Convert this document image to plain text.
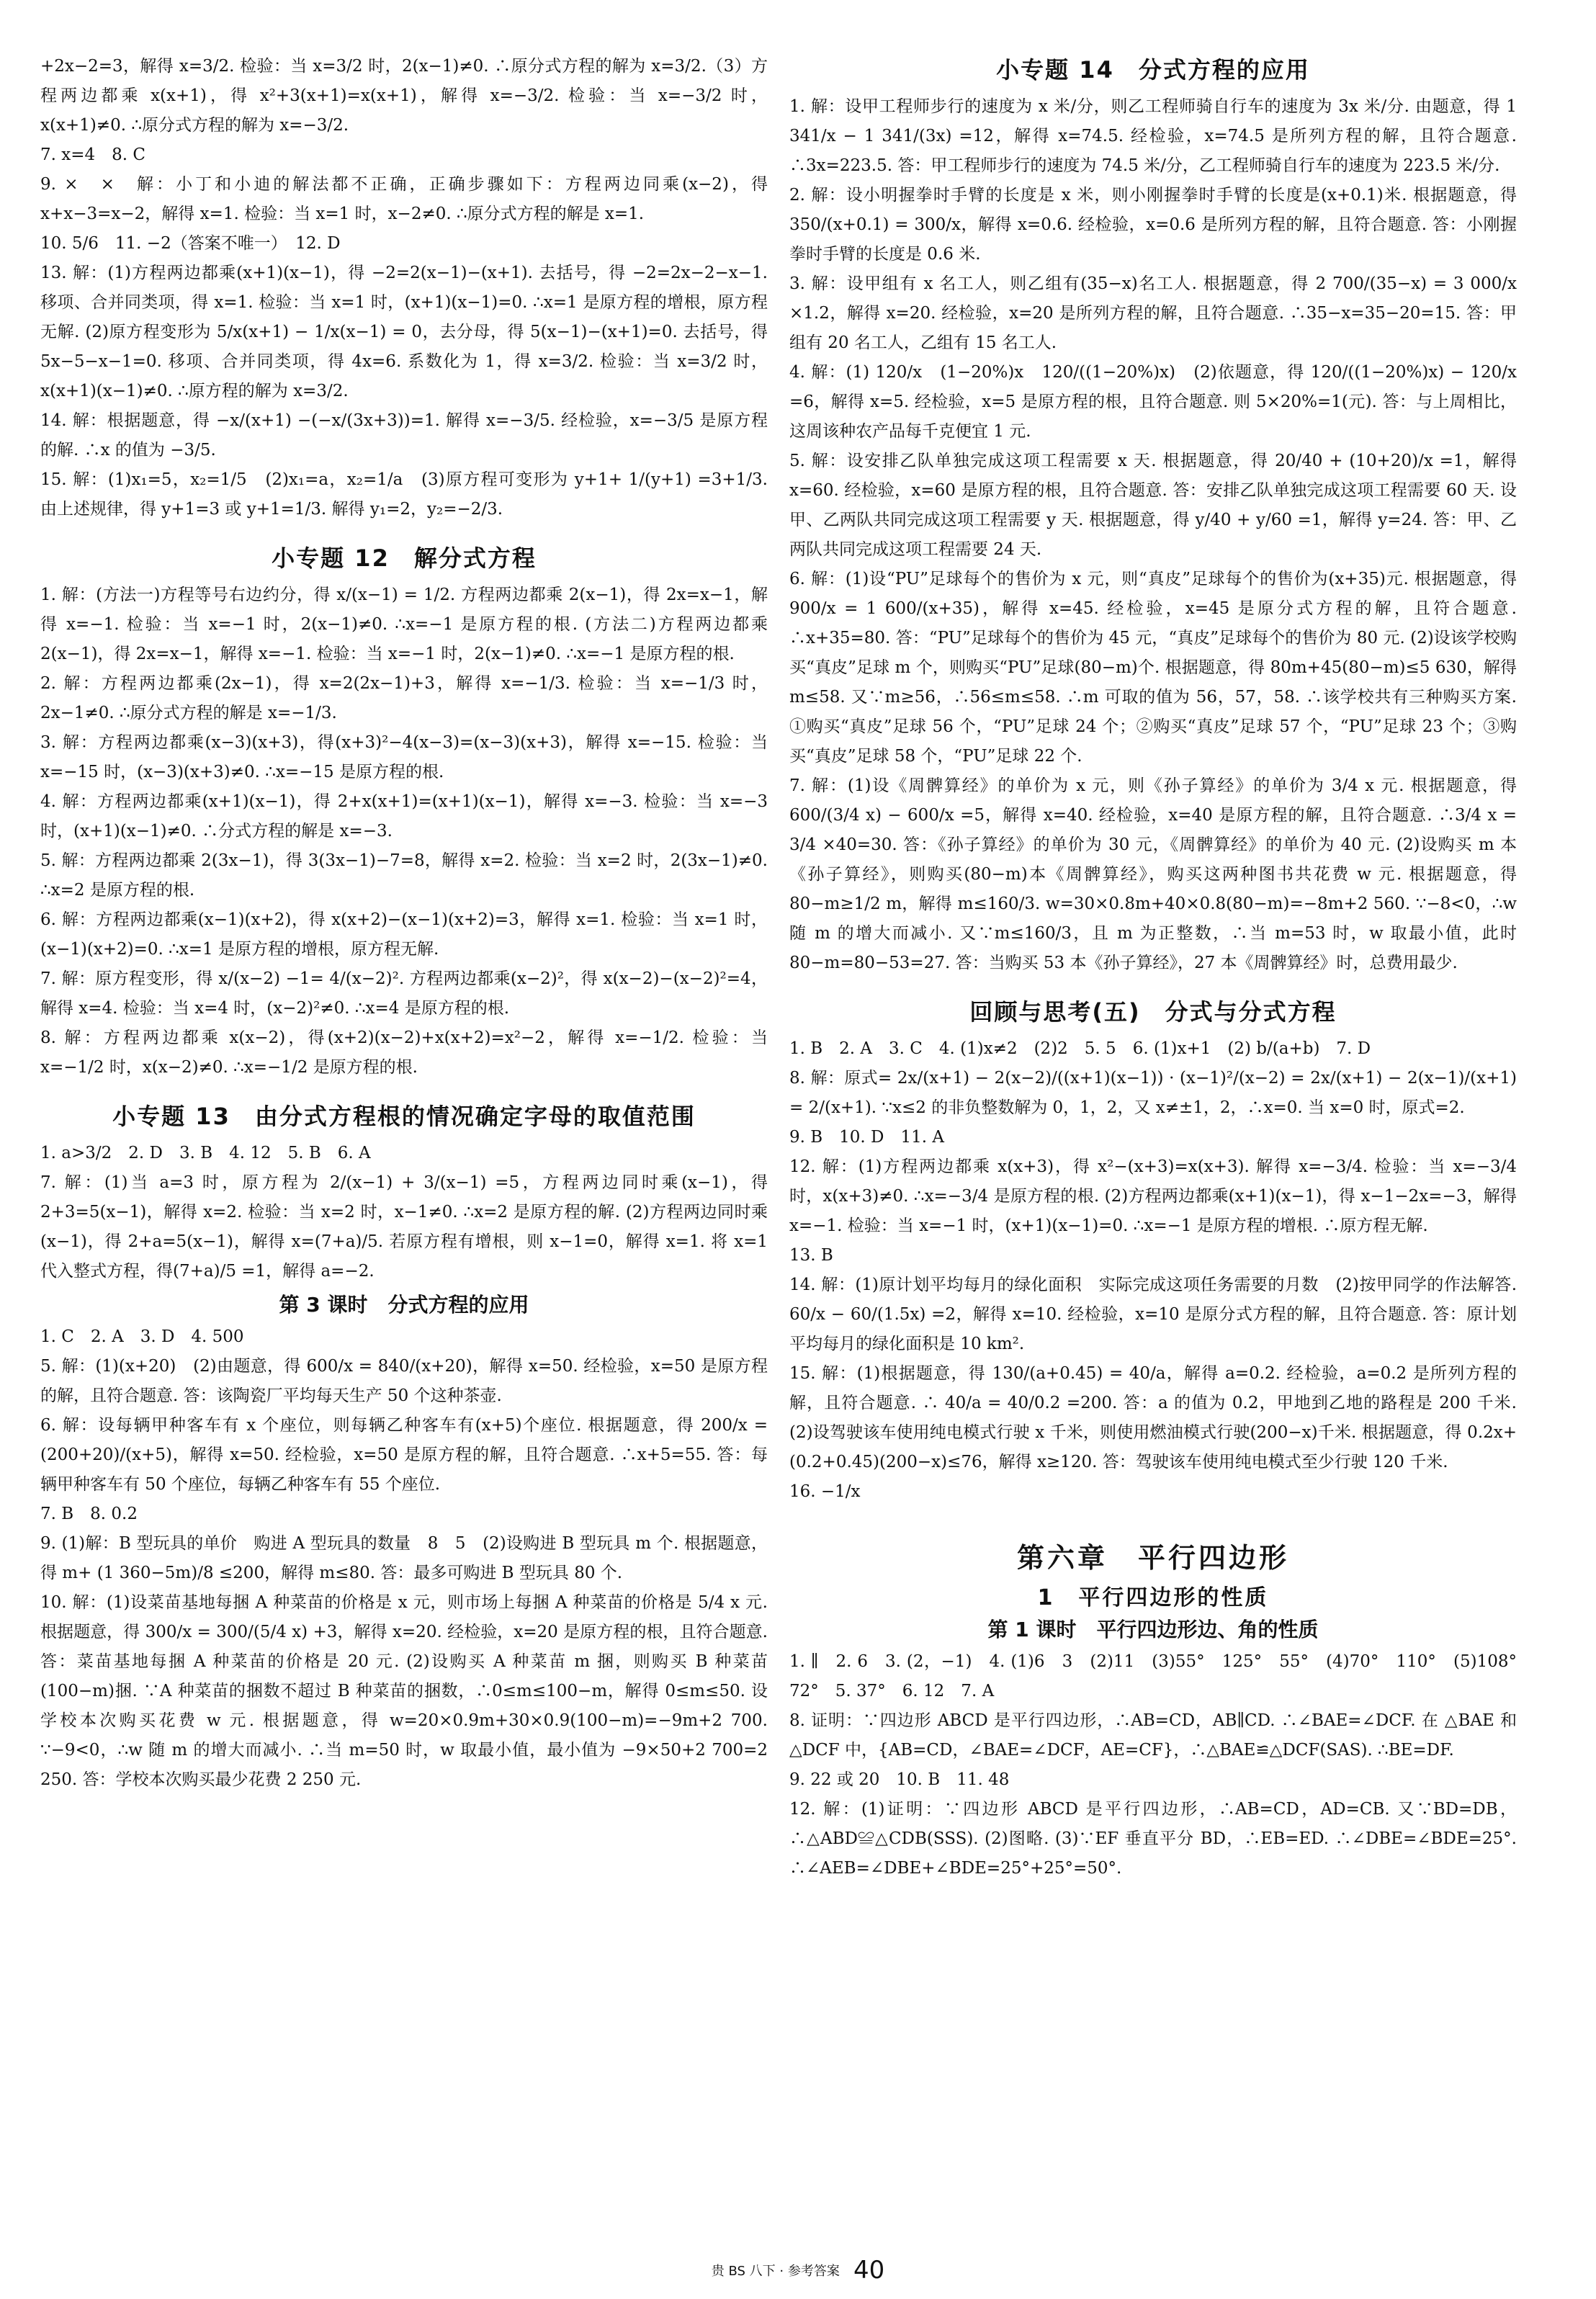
+2x−2=3，解得 x=3/2. 检验：当 x=3/2 时，2(x−1)≠0. ∴原分式方程的解为 x=3/2.（3）方程两边都乘 x(x+1)，得 x²+3(x+1)=x(x+1)，解得 x=−3/2. 检验：当 x=−3/2 时，x(x+1)≠0. ∴原分式方程的解为 x=−3/2.

7. x=4　8. C

9. ×　×　解：小丁和小迪的解法都不正确，正确步骤如下：方程两边同乘(x−2)，得 x+x−3=x−2，解得 x=1. 检验：当 x=1 时，x−2≠0. ∴原分式方程的解是 x=1.

10. 5/6　11. −2（答案不唯一）　12. D

13. 解：(1)方程两边都乘(x+1)(x−1)，得 −2=2(x−1)−(x+1). 去括号，得 −2=2x−2−x−1. 移项、合并同类项，得 x=1. 检验：当 x=1 时，(x+1)(x−1)=0. ∴x=1 是原方程的增根，原方程无解. (2)原方程变形为 5/x(x+1) − 1/x(x−1) = 0，去分母，得 5(x−1)−(x+1)=0. 去括号，得 5x−5−x−1=0. 移项、合并同类项，得 4x=6. 系数化为 1，得 x=3/2. 检验：当 x=3/2 时，x(x+1)(x−1)≠0. ∴原方程的解为 x=3/2.

14. 解：根据题意，得 −x/(x+1) −(−x/(3x+3))=1. 解得 x=−3/5. 经检验，x=−3/5 是原方程的解. ∴x 的值为 −3/5.

15. 解：(1)x₁=5，x₂=1/5　(2)x₁=a，x₂=1/a　(3)原方程可变形为 y+1+ 1/(y+1) =3+1/3. 由上述规律，得 y+1=3 或 y+1=1/3. 解得 y₁=2，y₂=−2/3.

小专题 12　解分式方程

1. 解：(方法一)方程等号右边约分，得 x/(x−1) = 1/2. 方程两边都乘 2(x−1)，得 2x=x−1，解得 x=−1. 检验：当 x=−1 时，2(x−1)≠0. ∴x=−1 是原方程的根. (方法二)方程两边都乘 2(x−1)，得 2x=x−1，解得 x=−1. 检验：当 x=−1 时，2(x−1)≠0. ∴x=−1 是原方程的根.

2. 解：方程两边都乘(2x−1)，得 x=2(2x−1)+3，解得 x=−1/3. 检验：当 x=−1/3 时，2x−1≠0. ∴原分式方程的解是 x=−1/3.

3. 解：方程两边都乘(x−3)(x+3)，得(x+3)²−4(x−3)=(x−3)(x+3)，解得 x=−15. 检验：当 x=−15 时，(x−3)(x+3)≠0. ∴x=−15 是原方程的根.

4. 解：方程两边都乘(x+1)(x−1)，得 2+x(x+1)=(x+1)(x−1)，解得 x=−3. 检验：当 x=−3 时，(x+1)(x−1)≠0. ∴分式方程的解是 x=−3.

5. 解：方程两边都乘 2(3x−1)，得 3(3x−1)−7=8，解得 x=2. 检验：当 x=2 时，2(3x−1)≠0. ∴x=2 是原方程的根.

6. 解：方程两边都乘(x−1)(x+2)，得 x(x+2)−(x−1)(x+2)=3，解得 x=1. 检验：当 x=1 时，(x−1)(x+2)=0. ∴x=1 是原方程的增根，原方程无解.

7. 解：原方程变形，得 x/(x−2) −1= 4/(x−2)². 方程两边都乘(x−2)²，得 x(x−2)−(x−2)²=4，解得 x=4. 检验：当 x=4 时，(x−2)²≠0. ∴x=4 是原方程的根.

8. 解：方程两边都乘 x(x−2)，得(x+2)(x−2)+x(x+2)=x²−2，解得 x=−1/2. 检验：当 x=−1/2 时，x(x−2)≠0. ∴x=−1/2 是原方程的根.

小专题 13　由分式方程根的情况确定字母的取值范围

1. a>3/2　2. D　3. B　4. 12　5. B　6. A

7. 解：(1)当 a=3 时，原方程为 2/(x−1) + 3/(x−1) =5，方程两边同时乘(x−1)，得 2+3=5(x−1)，解得 x=2. 检验：当 x=2 时，x−1≠0. ∴x=2 是原方程的解. (2)方程两边同时乘(x−1)，得 2+a=5(x−1)，解得 x=(7+a)/5. 若原方程有增根，则 x−1=0，解得 x=1. 将 x=1 代入整式方程，得(7+a)/5 =1，解得 a=−2.

第 3 课时　分式方程的应用

1. C　2. A　3. D　4. 500

5. 解：(1)(x+20)　(2)由题意，得 600/x = 840/(x+20)，解得 x=50. 经检验，x=50 是原方程的解，且符合题意. 答：该陶瓷厂平均每天生产 50 个这种茶壶.

6. 解：设每辆甲种客车有 x 个座位，则每辆乙种客车有(x+5)个座位. 根据题意，得 200/x = (200+20)/(x+5)，解得 x=50. 经检验，x=50 是原方程的解，且符合题意. ∴x+5=55. 答：每辆甲种客车有 50 个座位，每辆乙种客车有 55 个座位.

7. B　8. 0.2

9. (1)解：B 型玩具的单价　购进 A 型玩具的数量　8　5　(2)设购进 B 型玩具 m 个. 根据题意，得 m+ (1 360−5m)/8 ≤200，解得 m≤80. 答：最多可购进 B 型玩具 80 个.

10. 解：(1)设菜苗基地每捆 A 种菜苗的价格是 x 元，则市场上每捆 A 种菜苗的价格是 5/4 x 元. 根据题意，得 300/x = 300/(5/4 x) +3，解得 x=20. 经检验，x=20 是原方程的根，且符合题意. 答：菜苗基地每捆 A 种菜苗的价格是 20 元. (2)设购买 A 种菜苗 m 捆，则购买 B 种菜苗(100−m)捆. ∵A 种菜苗的捆数不超过 B 种菜苗的捆数，∴0≤m≤100−m，解得 0≤m≤50. 设学校本次购买花费 w 元. 根据题意，得 w=20×0.9m+30×0.9(100−m)=−9m+2 700. ∵−9<0，∴w 随 m 的增大而减小. ∴当 m=50 时，w 取最小值，最小值为 −9×50+2 700=2 250. 答：学校本次购买最少花费 2 250 元.

小专题 14　分式方程的应用

1. 解：设甲工程师步行的速度为 x 米/分，则乙工程师骑自行车的速度为 3x 米/分. 由题意，得 1 341/x − 1 341/(3x) =12，解得 x=74.5. 经检验，x=74.5 是所列方程的解，且符合题意. ∴3x=223.5. 答：甲工程师步行的速度为 74.5 米/分，乙工程师骑自行车的速度为 223.5 米/分.

2. 解：设小明握拳时手臂的长度是 x 米，则小刚握拳时手臂的长度是(x+0.1)米. 根据题意，得 350/(x+0.1) = 300/x，解得 x=0.6. 经检验，x=0.6 是所列方程的解，且符合题意. 答：小刚握拳时手臂的长度是 0.6 米.

3. 解：设甲组有 x 名工人，则乙组有(35−x)名工人. 根据题意，得 2 700/(35−x) = 3 000/x ×1.2，解得 x=20. 经检验，x=20 是所列方程的解，且符合题意. ∴35−x=35−20=15. 答：甲组有 20 名工人，乙组有 15 名工人.

4. 解：(1) 120/x　(1−20%)x　120/((1−20%)x)　(2)依题意，得 120/((1−20%)x) − 120/x =6，解得 x=5. 经检验，x=5 是原方程的根，且符合题意. 则 5×20%=1(元). 答：与上周相比，这周该种农产品每千克便宜 1 元.

5. 解：设安排乙队单独完成这项工程需要 x 天. 根据题意，得 20/40 + (10+20)/x =1，解得 x=60. 经检验，x=60 是原方程的根，且符合题意. 答：安排乙队单独完成这项工程需要 60 天. 设甲、乙两队共同完成这项工程需要 y 天. 根据题意，得 y/40 + y/60 =1，解得 y=24. 答：甲、乙两队共同完成这项工程需要 24 天.

6. 解：(1)设“PU”足球每个的售价为 x 元，则“真皮”足球每个的售价为(x+35)元. 根据题意，得 900/x = 1 600/(x+35)，解得 x=45. 经检验，x=45 是原分式方程的解，且符合题意. ∴x+35=80. 答：“PU”足球每个的售价为 45 元，“真皮”足球每个的售价为 80 元. (2)设该学校购买“真皮”足球 m 个，则购买“PU”足球(80−m)个. 根据题意，得 80m+45(80−m)≤5 630，解得 m≤58. 又∵m≥56，∴56≤m≤58. ∴m 可取的值为 56，57，58. ∴该学校共有三种购买方案. ①购买“真皮”足球 56 个，“PU”足球 24 个；②购买“真皮”足球 57 个，“PU”足球 23 个；③购买“真皮”足球 58 个，“PU”足球 22 个.

7. 解：(1)设《周髀算经》的单价为 x 元，则《孙子算经》的单价为 3/4 x 元. 根据题意，得 600/(3/4 x) − 600/x =5，解得 x=40. 经检验，x=40 是原方程的解，且符合题意. ∴3/4 x = 3/4 ×40=30. 答：《孙子算经》的单价为 30 元，《周髀算经》的单价为 40 元. (2)设购买 m 本《孙子算经》，则购买(80−m)本《周髀算经》，购买这两种图书共花费 w 元. 根据题意，得 80−m≥1/2 m，解得 m≤160/3. w=30×0.8m+40×0.8(80−m)=−8m+2 560. ∵−8<0，∴w 随 m 的增大而减小. 又∵m≤160/3，且 m 为正整数，∴当 m=53 时，w 取最小值，此时 80−m=80−53=27. 答：当购买 53 本《孙子算经》，27 本《周髀算经》时，总费用最少.

回顾与思考(五)　分式与分式方程

1. B　2. A　3. C　4. (1)x≠2　(2)2　5. 5　6. (1)x+1　(2) b/(a+b)　7. D

8. 解：原式= 2x/(x+1) − 2(x−2)/((x+1)(x−1)) · (x−1)²/(x−2) = 2x/(x+1) − 2(x−1)/(x+1) = 2/(x+1). ∵x≤2 的非负整数解为 0，1，2，又 x≠±1，2，∴x=0. 当 x=0 时，原式=2.

9. B　10. D　11. A

12. 解：(1)方程两边都乘 x(x+3)，得 x²−(x+3)=x(x+3). 解得 x=−3/4. 检验：当 x=−3/4 时，x(x+3)≠0. ∴x=−3/4 是原方程的根. (2)方程两边都乘(x+1)(x−1)，得 x−1−2x=−3，解得 x=−1. 检验：当 x=−1 时，(x+1)(x−1)=0. ∴x=−1 是原方程的增根. ∴原方程无解.

13. B

14. 解：(1)原计划平均每月的绿化面积　实际完成这项任务需要的月数　(2)按甲同学的作法解答. 60/x − 60/(1.5x) =2，解得 x=10. 经检验，x=10 是原分式方程的解，且符合题意. 答：原计划平均每月的绿化面积是 10 km².

15. 解：(1)根据题意，得 130/(a+0.45) = 40/a，解得 a=0.2. 经检验，a=0.2 是所列方程的解，且符合题意. ∴ 40/a = 40/0.2 =200. 答：a 的值为 0.2，甲地到乙地的路程是 200 千米. (2)设驾驶该车使用纯电模式行驶 x 千米，则使用燃油模式行驶(200−x)千米. 根据题意，得 0.2x+(0.2+0.45)(200−x)≤76，解得 x≥120. 答：驾驶该车使用纯电模式至少行驶 120 千米.

16. −1/x

第六章　平行四边形
1　平行四边形的性质
第 1 课时　平行四边形边、角的性质

1. ∥　2. 6　3. (2，−1)　4. (1)6　3　(2)11　(3)55°　125°　55°　(4)70°　110°　(5)108°　72°　5. 37°　6. 12　7. A

8. 证明：∵四边形 ABCD 是平行四边形，∴AB=CD，AB∥CD. ∴∠BAE=∠DCF. 在 △BAE 和 △DCF 中，{AB=CD，∠BAE=∠DCF，AE=CF}，∴△BAE≌△DCF(SAS). ∴BE=DF.

9. 22 或 20　10. B　11. 48

12. 解：(1)证明：∵四边形 ABCD 是平行四边形，∴AB=CD，AD=CB. 又∵BD=DB，∴△ABD≌△CDB(SSS). (2)图略. (3)∵EF 垂直平分 BD，∴EB=ED. ∴∠DBE=∠BDE=25°. ∴∠AEB=∠DBE+∠BDE=25°+25°=50°.

贵 BS 八下 · 参考答案 40
